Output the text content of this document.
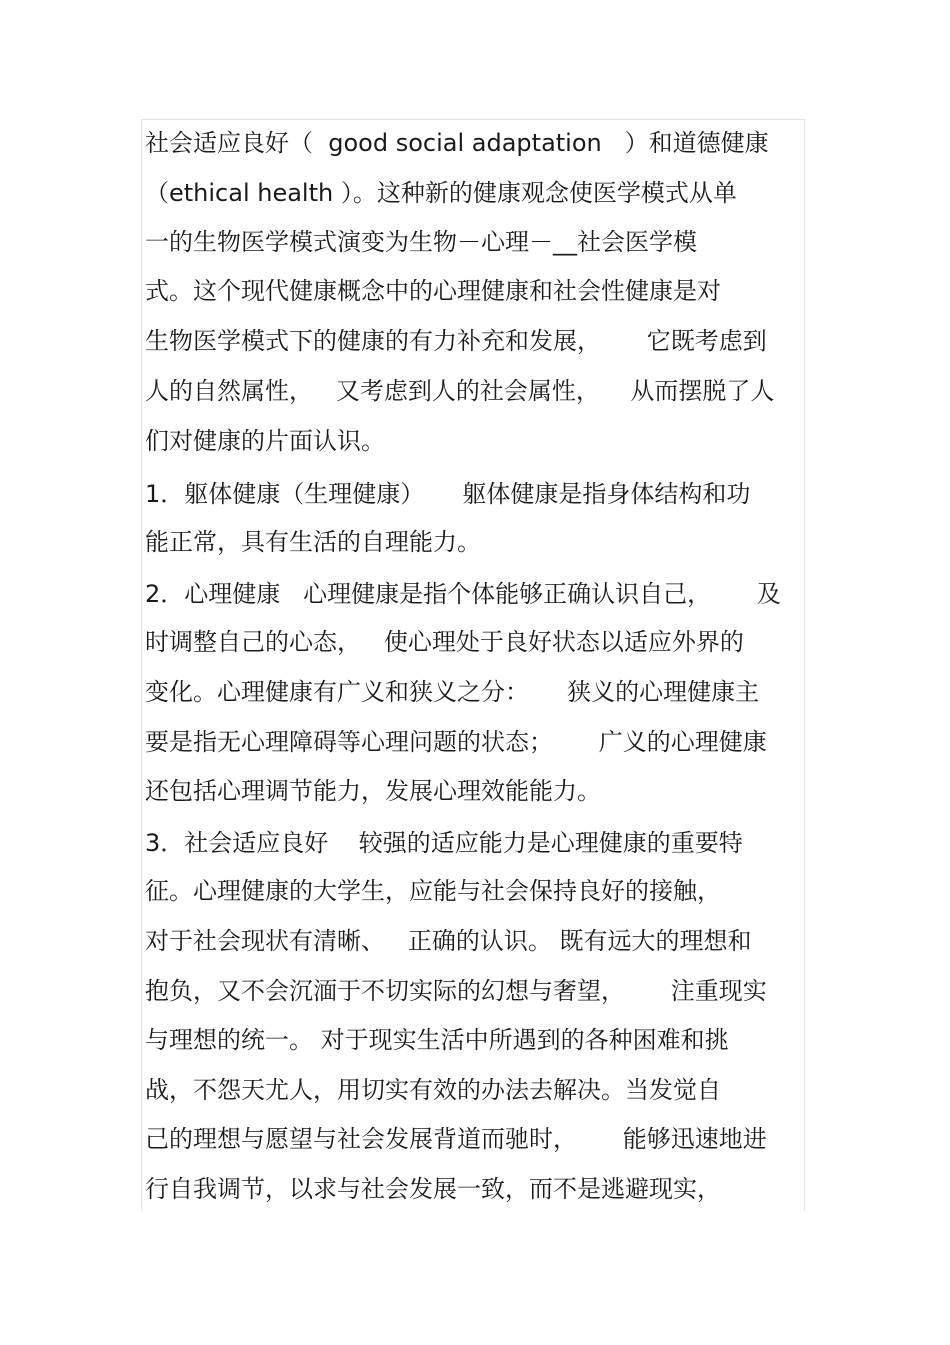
社会适应良好（  good social adaptation   ）和道德健康
（ethical health ）。这种新的健康观念使医学模式从单
一的生物医学模式演变为生物－心理－__社会医学模
式。这个现代健康概念中的心理健康和社会性健康是对
生物医学模式下的健康的有力补充和发展，      它既考虑到
人的自然属性，   又考虑到人的社会属性，    从而摆脱了人
们对健康的片面认识。
1．躯体健康（生理健康）     躯体健康是指身体结构和功
能正常，具有生活的自理能力。
2．心理健康   心理健康是指个体能够正确认识自己，      及
时调整自己的心态，   使心理处于良好状态以适应外界的
变化。心理健康有广义和狭义之分：     狭义的心理健康主
要是指无心理障碍等心理问题的状态；      广义的心理健康
还包括心理调节能力，发展心理效能能力。
3．社会适应良好    较强的适应能力是心理健康的重要特
征。心理健康的大学生，应能与社会保持良好的接触，
对于社会现状有清晰、   正确的认识。 既有远大的理想和
抱负，又不会沉湎于不切实际的幻想与奢望，      注重现实
与理想的统一。 对于现实生活中所遇到的各种困难和挑
战，不怨天尤人，用切实有效的办法去解决。当发觉自
己的理想与愿望与社会发展背道而驰时，      能够迅速地进
行自我调节，以求与社会发展一致，而不是逃避现实，
